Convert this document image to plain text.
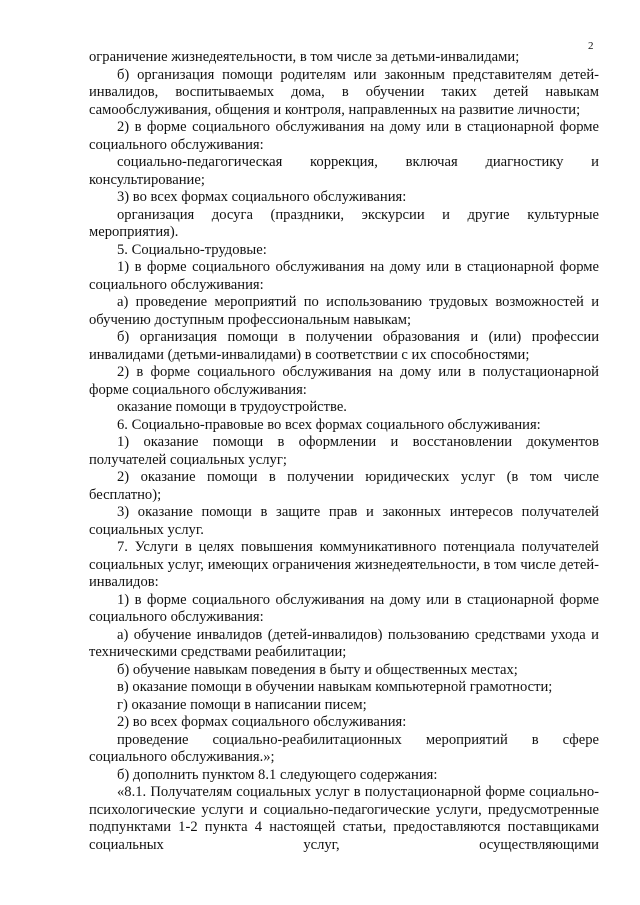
2

ограничение жизнедеятельности, в том числе за детьми-инвалидами;

б) организация помощи родителям или законным представителям детей-инвалидов, воспитываемых дома, в обучении таких детей навыкам самообслуживания, общения и контроля, направленных на развитие личности;

2) в форме социального обслуживания на дому или в стационарной форме социального обслуживания:

социально-педагогическая коррекция, включая диагностику и консультирование;

3) во всех формах социального обслуживания:

организация досуга (праздники, экскурсии и другие культурные мероприятия).

5. Социально-трудовые:

1) в форме социального обслуживания на дому или в стационарной форме социального обслуживания:

а) проведение мероприятий по использованию трудовых возможностей и обучению доступным профессиональным навыкам;

б) организация помощи в получении образования и (или) профессии инвалидами (детьми-инвалидами) в соответствии с их способностями;

2) в форме социального обслуживания на дому или в полустационарной форме социального обслуживания:

оказание помощи в трудоустройстве.

6. Социально-правовые во всех формах социального обслуживания:

1) оказание помощи в оформлении и восстановлении документов получателей социальных услуг;

2) оказание помощи в получении юридических услуг (в том числе бесплатно);

3) оказание помощи в защите прав и законных интересов получателей социальных услуг.

7. Услуги в целях повышения коммуникативного потенциала получателей социальных услуг, имеющих ограничения жизнедеятельности, в том числе детей-инвалидов:

1) в форме социального обслуживания на дому или в стационарной форме социального обслуживания:

а) обучение инвалидов (детей-инвалидов) пользованию средствами ухода и техническими средствами реабилитации;

б) обучение навыкам поведения в быту и общественных местах;

в) оказание помощи в обучении навыкам компьютерной грамотности;

г) оказание помощи в написании писем;

2) во всех формах социального обслуживания:

проведение социально-реабилитационных мероприятий в сфере социального обслуживания.»;

б) дополнить пунктом 8.1 следующего содержания:

«8.1. Получателям социальных услуг в полустационарной форме социально-психологические услуги и социально-педагогические услуги, предусмотренные подпунктами 1-2 пункта 4 настоящей статьи, предоставляются поставщиками социальных услуг, осуществляющими
